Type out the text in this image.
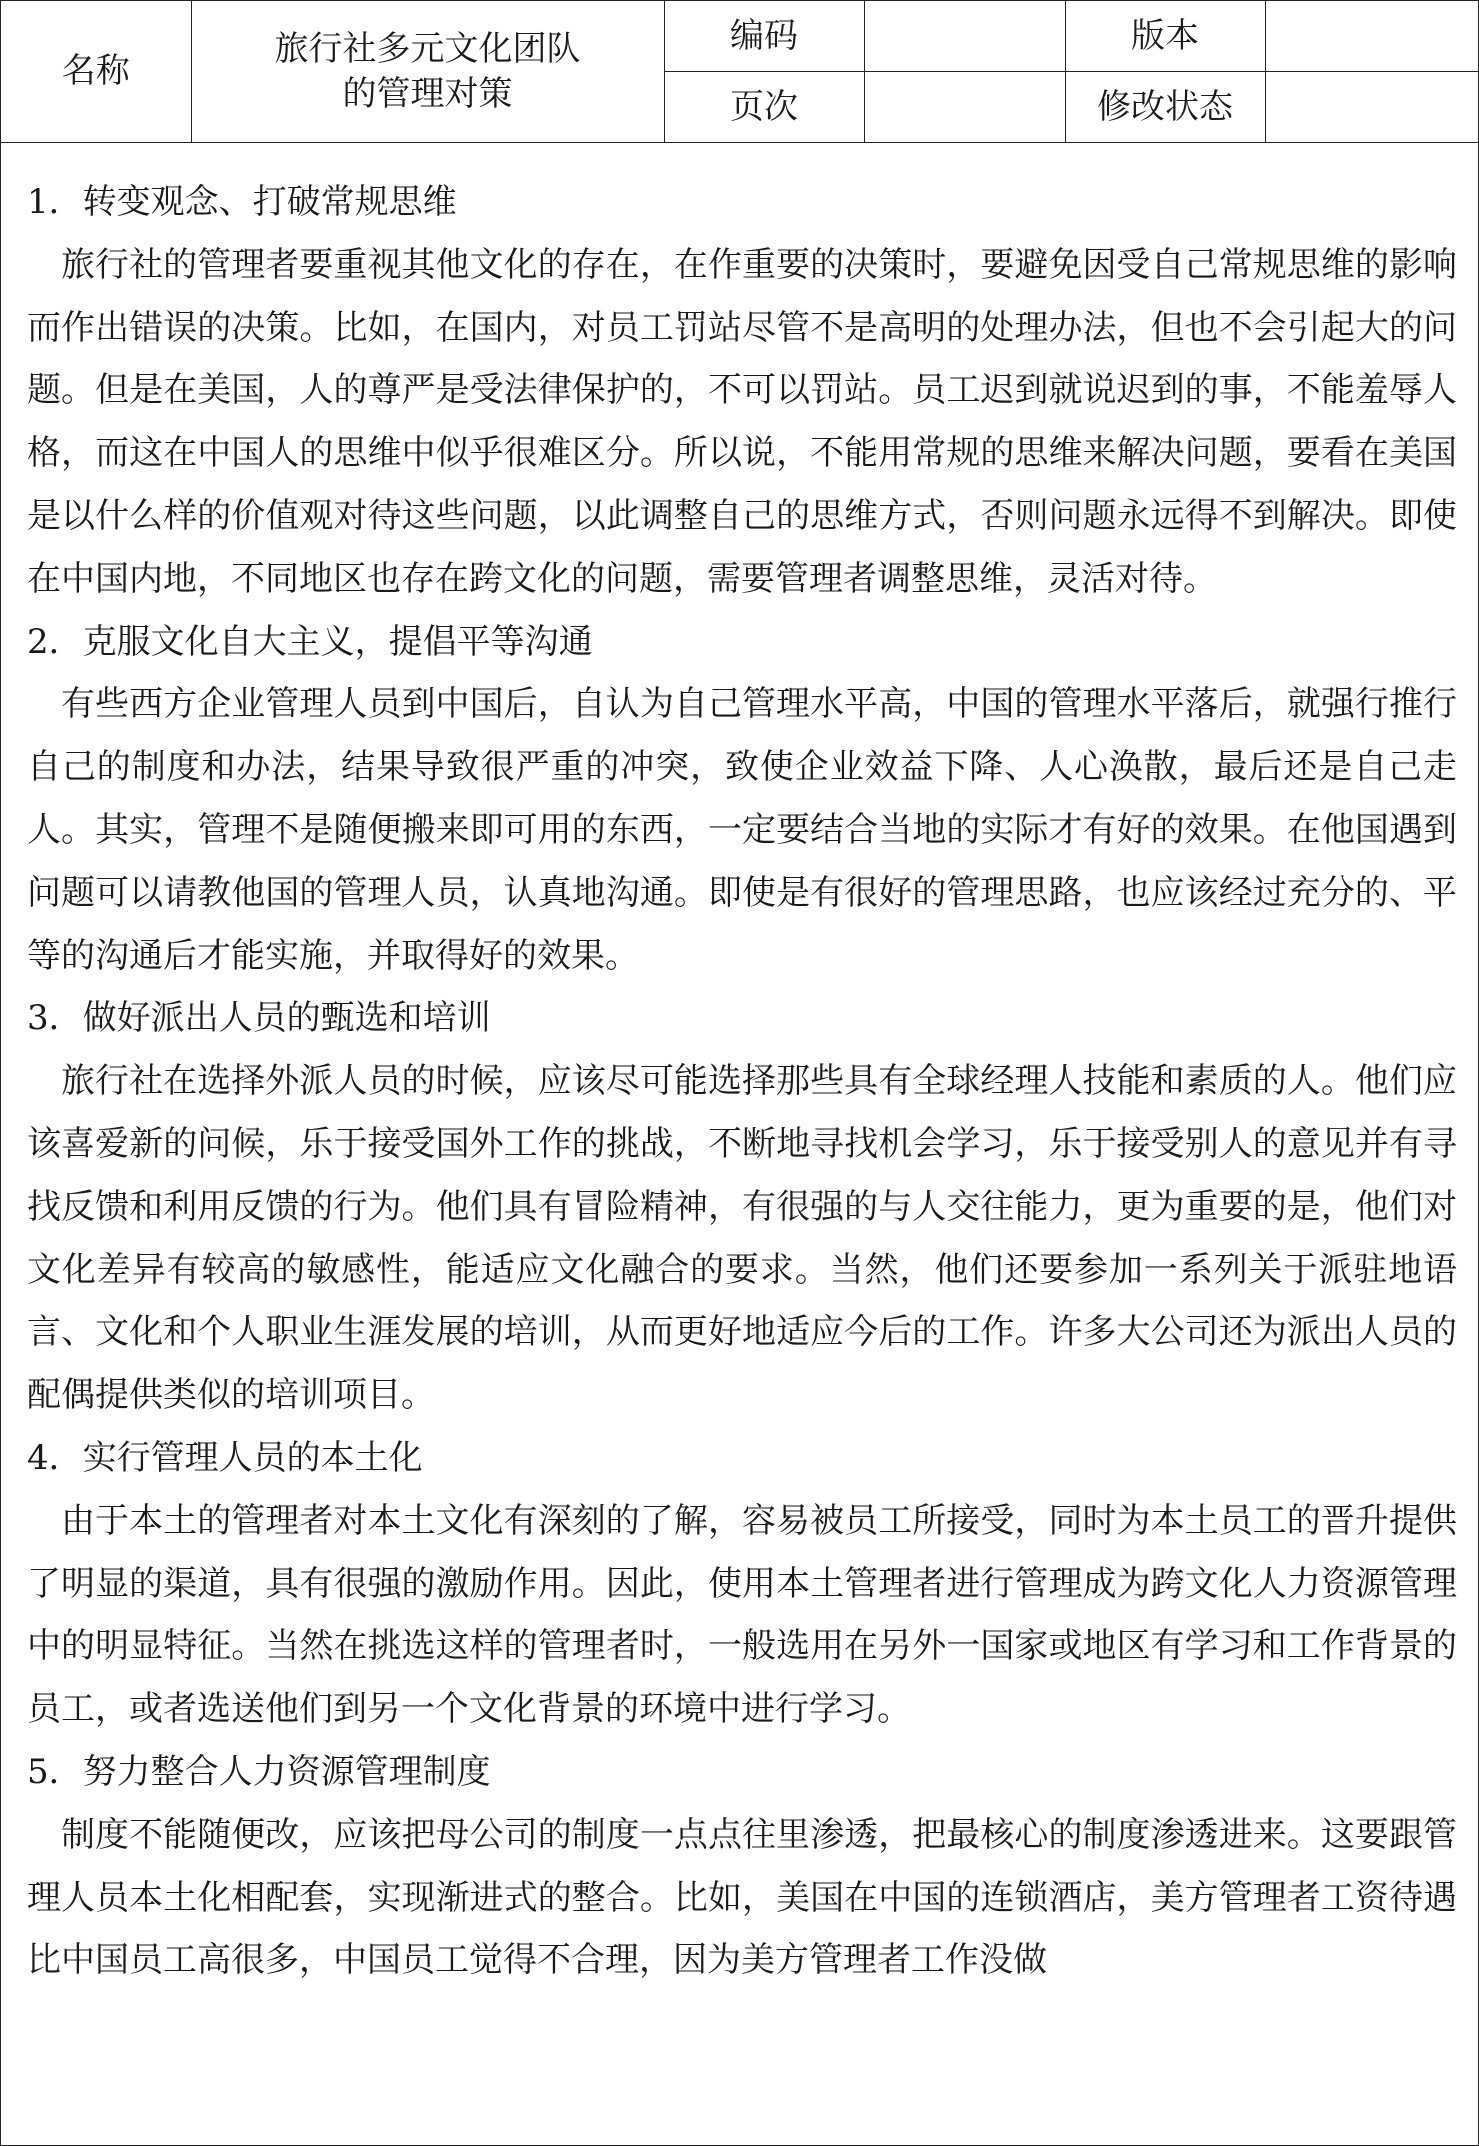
名称	旅行社多元文化团队
的管理对策	编码		版本	
		页次		修改状态	

1．转变观念、打破常规思维

旅行社的管理者要重视其他文化的存在，在作重要的决策时，要避免因受自己常规思维的影响而作出错误的决策。比如，在国内，对员工罚站尽管不是高明的处理办法，但也不会引起大的问题。但是在美国，人的尊严是受法律保护的，不可以罚站。员工迟到就说迟到的事，不能羞辱人格，而这在中国人的思维中似乎很难区分。所以说，不能用常规的思维来解决问题，要看在美国是以什么样的价值观对待这些问题，以此调整自己的思维方式，否则问题永远得不到解决。即使在中国内地，不同地区也存在跨文化的问题，需要管理者调整思维，灵活对待。

2．克服文化自大主义，提倡平等沟通

有些西方企业管理人员到中国后，自认为自己管理水平高，中国的管理水平落后，就强行推行自己的制度和办法，结果导致很严重的冲突，致使企业效益下降、人心涣散，最后还是自己走人。其实，管理不是随便搬来即可用的东西，一定要结合当地的实际才有好的效果。在他国遇到问题可以请教他国的管理人员，认真地沟通。即使是有很好的管理思路，也应该经过充分的、平等的沟通后才能实施，并取得好的效果。

3．做好派出人员的甄选和培训

旅行社在选择外派人员的时候，应该尽可能选择那些具有全球经理人技能和素质的人。他们应该喜爱新的问候，乐于接受国外工作的挑战，不断地寻找机会学习，乐于接受别人的意见并有寻找反馈和利用反馈的行为。他们具有冒险精神，有很强的与人交往能力，更为重要的是，他们对文化差异有较高的敏感性，能适应文化融合的要求。当然，他们还要参加一系列关于派驻地语言、文化和个人职业生涯发展的培训，从而更好地适应今后的工作。许多大公司还为派出人员的配偶提供类似的培训项目。

4．实行管理人员的本土化

由于本土的管理者对本土文化有深刻的了解，容易被员工所接受，同时为本土员工的晋升提供了明显的渠道，具有很强的激励作用。因此，使用本土管理者进行管理成为跨文化人力资源管理中的明显特征。当然在挑选这样的管理者时，一般选用在另外一国家或地区有学习和工作背景的员工，或者选送他们到另一个文化背景的环境中进行学习。

5．努力整合人力资源管理制度

制度不能随便改，应该把母公司的制度一点点往里渗透，把最核心的制度渗透进来。这要跟管理人员本土化相配套，实现渐进式的整合。比如，美国在中国的连锁酒店，美方管理者工资待遇比中国员工高很多，中国员工觉得不合理，因为美方管理者工作没做
